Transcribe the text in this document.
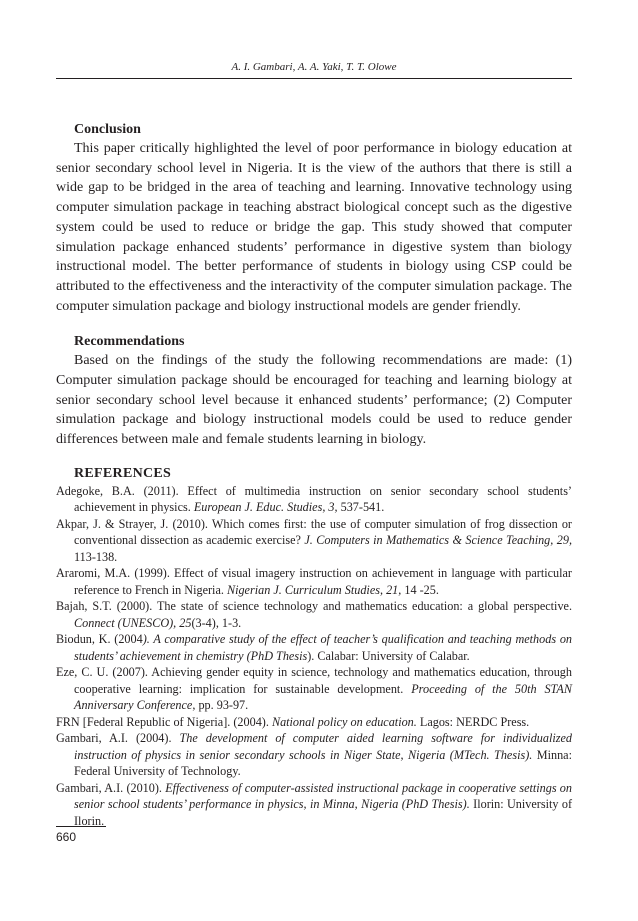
A. I. Gambari, A. A. Yaki, T. T. Olowe

Conclusion

This paper critically highlighted the level of poor performance in biology education at senior secondary school level in Nigeria. It is the view of the authors that there is still a wide gap to be bridged in the area of teaching and learning. Innovative technology using computer simulation package in teaching abstract biological concept such as the digestive system could be used to reduce or bridge the gap. This study showed that computer simulation package enhanced students’ performance in digestive system than biology instructional model. The better performance of students in biology using CSP could be attributed to the effectiveness and the interactivity of the computer simulation package. The computer simulation package and biology instructional models are gender friendly.

Recommendations

Based on the findings of the study the following recommendations are made: (1) Computer simulation package should be encouraged for teaching and learning biology at senior secondary school level because it enhanced students’ performance; (2) Computer simulation package and biology instructional models could be used to reduce gender differences between male and female students learning in biology.

REFERENCES

Adegoke, B.A. (2011). Effect of multimedia instruction on senior secondary school students’ achievement in physics. European J. Educ. Studies, 3, 537-541.

Akpar, J. & Strayer, J. (2010). Which comes first: the use of computer simulation of frog dissection or conventional dissection as academic exercise? J. Computers in Mathematics & Science Teaching, 29, 113-138.

Araromi, M.A. (1999). Effect of visual imagery instruction on achievement in language with particular reference to French in Nigeria. Nigerian J. Curriculum Studies, 21, 14 -25.

Bajah, S.T. (2000). The state of science technology and mathematics education: a global perspective. Connect (UNESCO), 25(3-4), 1-3.

Biodun, K. (2004). A comparative study of the effect of teacher’s qualification and teaching methods on students’ achievement in chemistry (PhD Thesis). Calabar: University of Calabar.

Eze, C. U. (2007). Achieving gender equity in science, technology and mathematics education, through cooperative learning: implication for sustainable development. Proceeding of the 50th STAN Anniversary Conference, pp. 93-97.

FRN [Federal Republic of Nigeria]. (2004). National policy on education. Lagos: NERDC Press.

Gambari, A.I. (2004). The development of computer aided learning software for individualized instruction of physics in senior secondary schools in Niger State, Nigeria (MTech. Thesis). Minna: Federal University of Technology.

Gambari, A.I. (2010). Effectiveness of computer-assisted instructional package in cooperative settings on senior school students’ performance in physics, in Minna, Nigeria (PhD Thesis). Ilorin: University of Ilorin.

660
